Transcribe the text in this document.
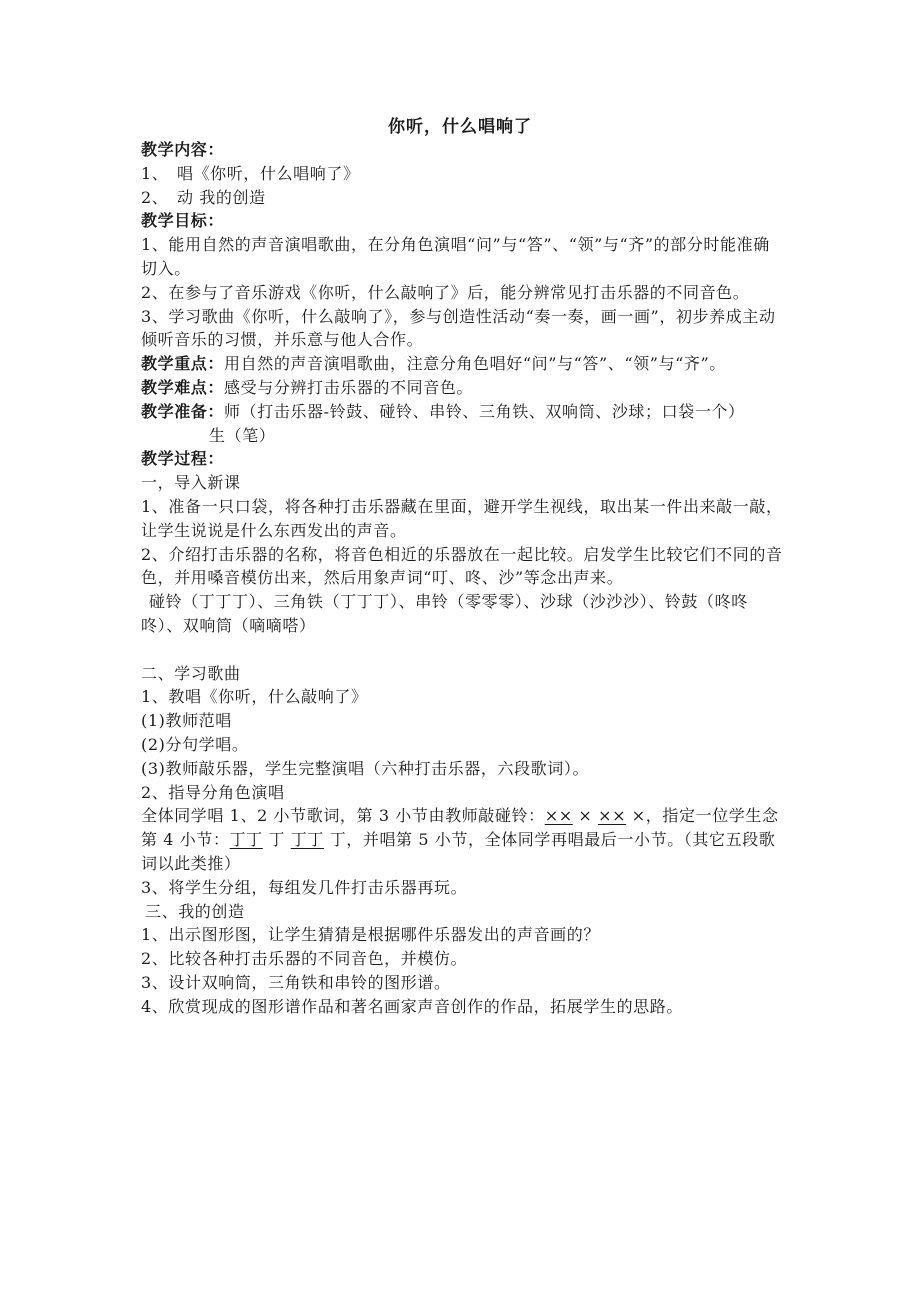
你听，什么唱响了
教学内容：
1、　唱《你听，什么唱响了》
2、　动 我的创造
教学目标：
1、能用自然的声音演唱歌曲，在分角色演唱“问”与“答”、“领”与“齐”的部分时能准确切入。
2、在参与了音乐游戏《你听，什么敲响了》后，能分辨常见打击乐器的不同音色。
3、学习歌曲《你听，什么敲响了》，参与创造性活动“奏一奏，画一画”，初步养成主动倾听音乐的习惯，并乐意与他人合作。
教学重点：用自然的声音演唱歌曲，注意分角色唱好“问”与“答”、“领”与“齐”。
教学难点：感受与分辨打击乐器的不同音色。
教学准备：师（打击乐器-铃鼓、碰铃、串铃、三角铁、双响筒、沙球；口袋一个）
生（笔）
教学过程：
一，导入新课
1、准备一只口袋，将各种打击乐器藏在里面，避开学生视线，取出某一件出来敲一敲，让学生说说是什么东西发出的声音。
2、介绍打击乐器的名称，将音色相近的乐器放在一起比较。启发学生比较它们不同的音色，并用嗓音模仿出来，然后用象声词“叮、咚、沙”等念出声来。
碰铃（丁丁丁）、三角铁（丁丁丁）、串铃（零零零）、沙球（沙沙沙）、铃鼓（咚咚咚）、双响筒（嘀嘀嗒）
二、学习歌曲
1、教唱《你听，什么敲响了》
(1)教师范唱
(2)分句学唱。
(3)教师敲乐器，学生完整演唱（六种打击乐器，六段歌词）。
2、指导分角色演唱
全体同学唱 1、2 小节歌词，第 3 小节由教师敲碰铃：×× × ×× ×，指定一位学生念第 4 小节：丁丁 丁 丁丁 丁，并唱第 5 小节，全体同学再唱最后一小节。（其它五段歌词以此类推）
3、将学生分组，每组发几件打击乐器再玩。
三、我的创造
1、出示图形图，让学生猜猜是根据哪件乐器发出的声音画的？
2、比较各种打击乐器的不同音色，并模仿。
3、设计双响筒，三角铁和串铃的图形谱。
4、欣赏现成的图形谱作品和著名画家声音创作的作品，拓展学生的思路。
